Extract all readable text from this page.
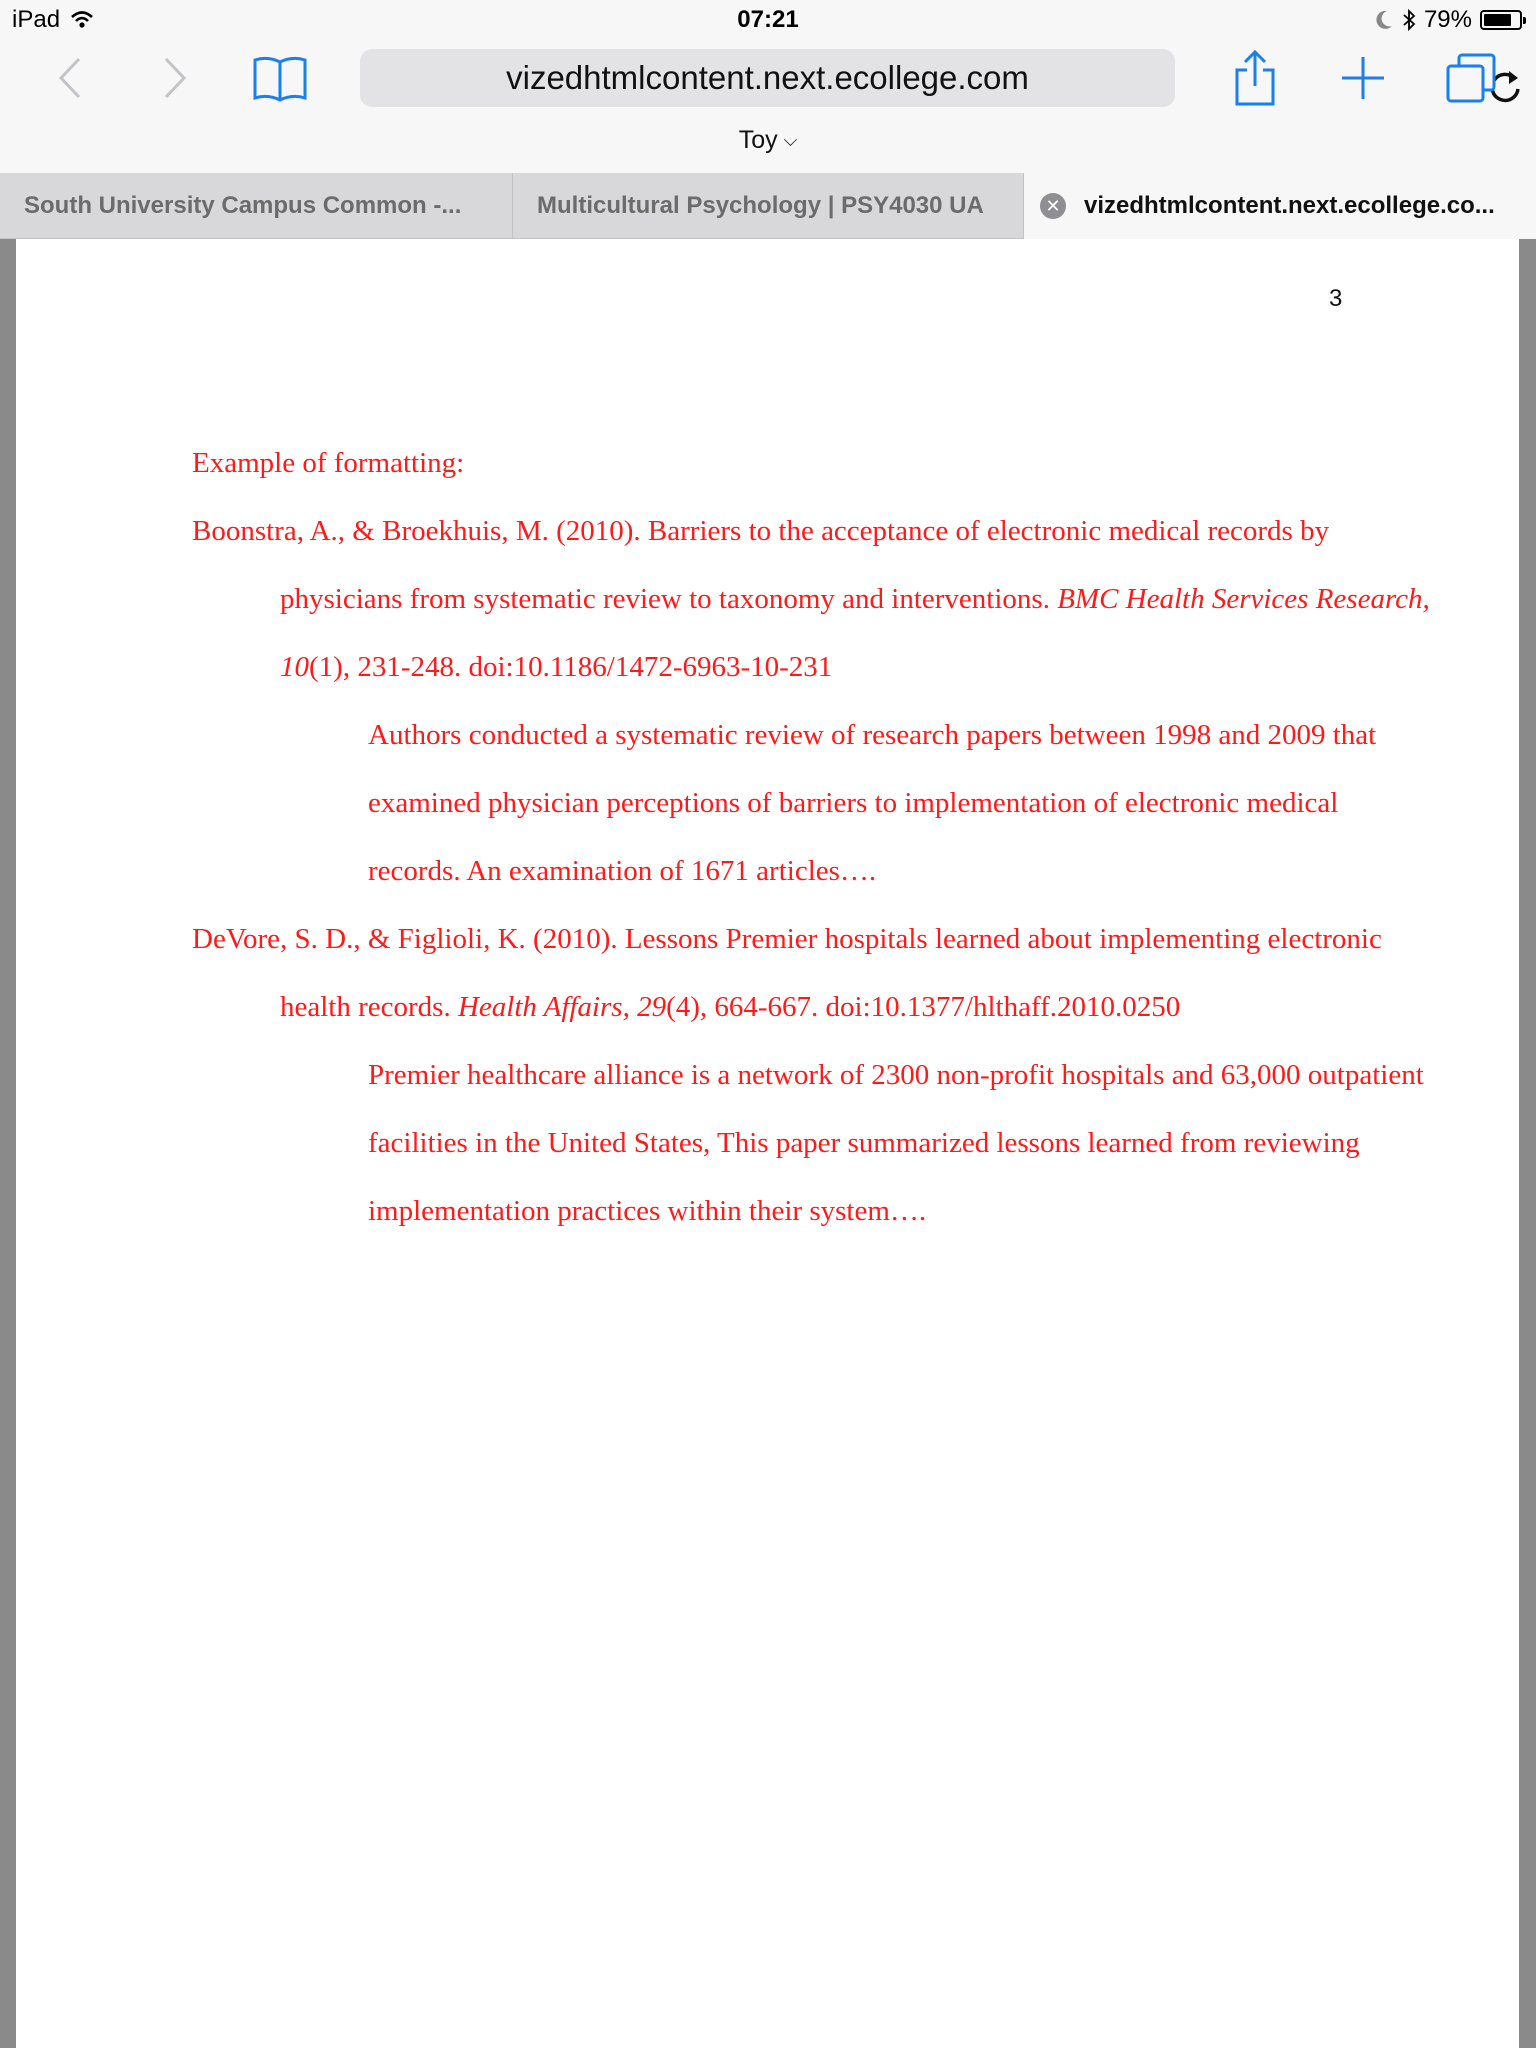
iPad	07:21	79%
vizedhtmlcontent.next.ecollege.com
Toy ⌵
South University Campus Common -...	Multicultural Psychology | PSY4030 UA	✕ vizedhtmlcontent.next.ecollege.co...
3

Example of formatting:

Boonstra, A., & Broekhuis, M. (2010). Barriers to the acceptance of electronic medical records by physicians from systematic review to taxonomy and interventions. BMC Health Services Research, 10(1), 231-248. doi:10.1186/1472-6963-10-231

Authors conducted a systematic review of research papers between 1998 and 2009 that examined physician perceptions of barriers to implementation of electronic medical records. An examination of 1671 articles….

DeVore, S. D., & Figlioli, K. (2010). Lessons Premier hospitals learned about implementing electronic health records. Health Affairs, 29(4), 664-667. doi:10.1377/hlthaff.2010.0250

Premier healthcare alliance is a network of 2300 non-profit hospitals and 63,000 outpatient facilities in the United States, This paper summarized lessons learned from reviewing implementation practices within their system….
